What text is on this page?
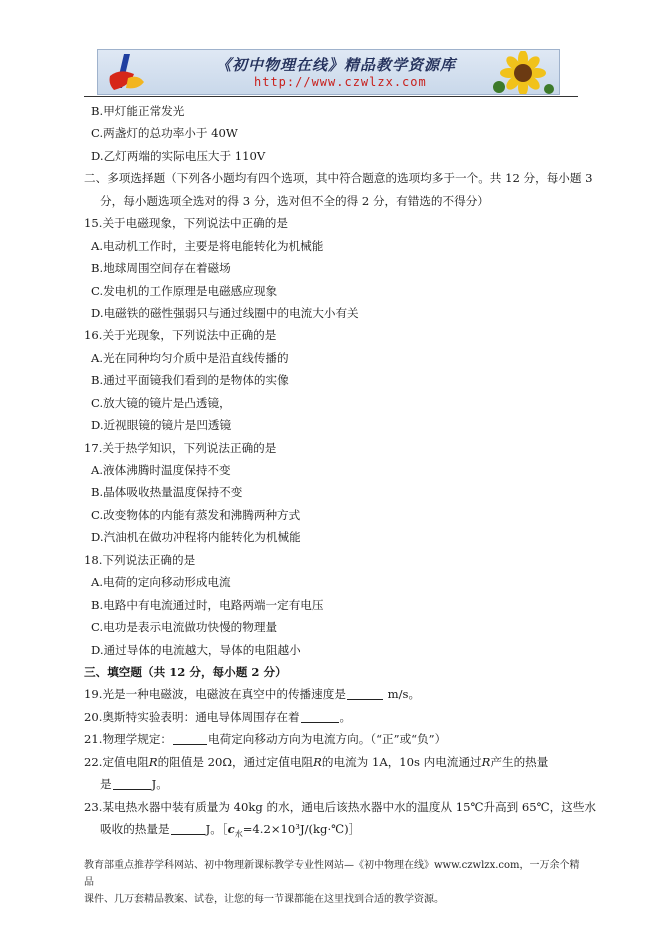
《初中物理在线》精品教学资源库
http://www.czwlzx.com
B.甲灯能正常发光
C.两盏灯的总功率小于 40W
D.乙灯两端的实际电压大于 110V
二、多项选择题（下列各小题均有四个选项，其中符合题意的选项均多于一个。共 12 分，每小题 3
分，每小题选项全选对的得 3 分，选对但不全的得 2 分，有错选的不得分）
15.关于电磁现象，下列说法中正确的是
A.电动机工作时，主要是将电能转化为机械能
B.地球周围空间存在着磁场
C.发电机的工作原理是电磁感应现象
D.电磁铁的磁性强弱只与通过线圈中的电流大小有关
16.关于光现象，下列说法中正确的是
A.光在同种均匀介质中是沿直线传播的
B.通过平面镜我们看到的是物体的实像
C.放大镜的镜片是凸透镜，
D.近视眼镜的镜片是凹透镜
17.关于热学知识，下列说法正确的是
A.液体沸腾时温度保持不变
B.晶体吸收热量温度保持不变
C.改变物体的内能有蒸发和沸腾两种方式
D.汽油机在做功冲程将内能转化为机械能
18.下列说法正确的是
A.电荷的定向移动形成电流
B.电路中有电流通过时，电路两端一定有电压
C.电功是表示电流做功快慢的物理量
D.通过导体的电流越大，导体的电阻越小
三、填空题（共 12 分，每小题 2 分）
19.光是一种电磁波，电磁波在真空中的传播速度是	m/s。
20.奥斯特实验表明：通电导体周围存在着	。
21.物理学规定：	电荷定向移动方向为电流方向。（“正”或“负”）
22.定值电阻R的阻值是 20Ω，通过定值电阻R的电流为 1A，10s 内电流通过R产生的热量
是	J。
23.某电热水器中装有质量为 40kg 的水，通电后该热水器中水的温度从 15℃升高到 65℃，这些水
吸收的热量是	J。$[c_水=4.2\times 10^3J/(kg\cdot℃)]$
教育部重点推荐学科网站、初中物理新课标教学专业性网站—《初中物理在线》www.czwlzx.com，一万余个精品
课件、几万套精品教案、试卷，让您的每一节课都能在这里找到合适的教学资源。
